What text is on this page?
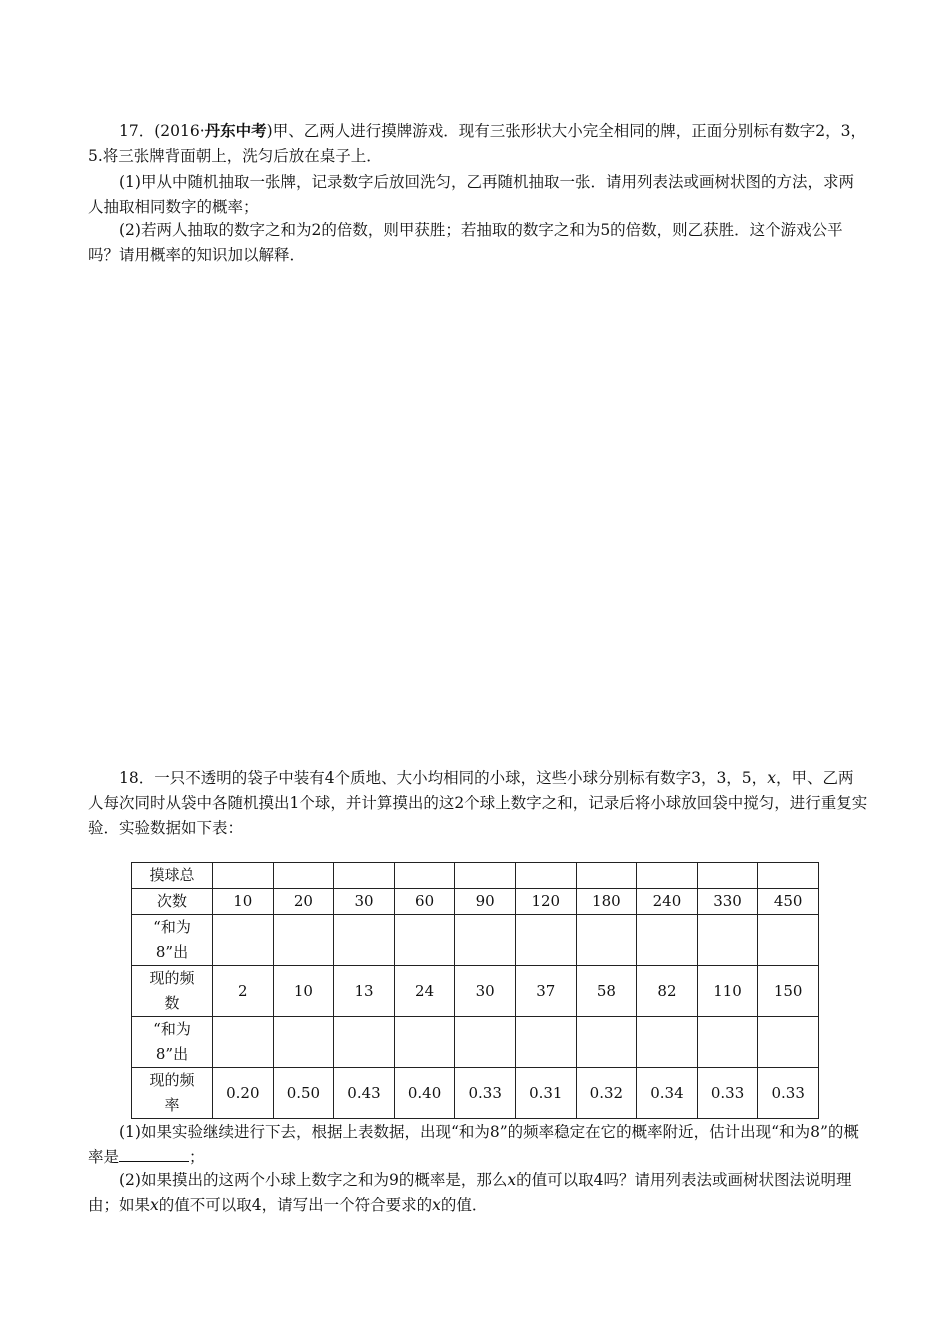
17．(2016·丹东中考)甲、乙两人进行摸牌游戏．现有三张形状大小完全相同的牌，正面分别标有数字2，3，5.将三张牌背面朝上，洗匀后放在桌子上．

(1)甲从中随机抽取一张牌，记录数字后放回洗匀，乙再随机抽取一张．请用列表法或画树状图的方法，求两人抽取相同数字的概率；

(2)若两人抽取的数字之和为2的倍数，则甲获胜；若抽取的数字之和为5的倍数，则乙获胜．这个游戏公平吗？请用概率的知识加以解释．

18．一只不透明的袋子中装有4个质地、大小均相同的小球，这些小球分别标有数字3，3，5，x，甲、乙两人每次同时从袋中各随机摸出1个球，并计算摸出的这2个球上数字之和，记录后将小球放回袋中搅匀，进行重复实验．实验数据如下表：

摸球总										
次数	10	20	30	60	90	120	180	240	330	450

“和为
8”出										

现的频
数	2	10	13	24	30	37	58	82	110	150

“和为
8”出										

现的频
率	0.20	0.50	0.43	0.40	0.33	0.31	0.32	0.34	0.33	0.33

(1)如果实验继续进行下去，根据上表数据，出现“和为8”的频率稳定在它的概率附近，估计出现“和为8”的概率是	；

(2)如果摸出的这两个小球上数字之和为9的概率是，那么x的值可以取4吗？请用列表法或画树状图法说明理由；如果x的值不可以取4，请写出一个符合要求的x的值．
